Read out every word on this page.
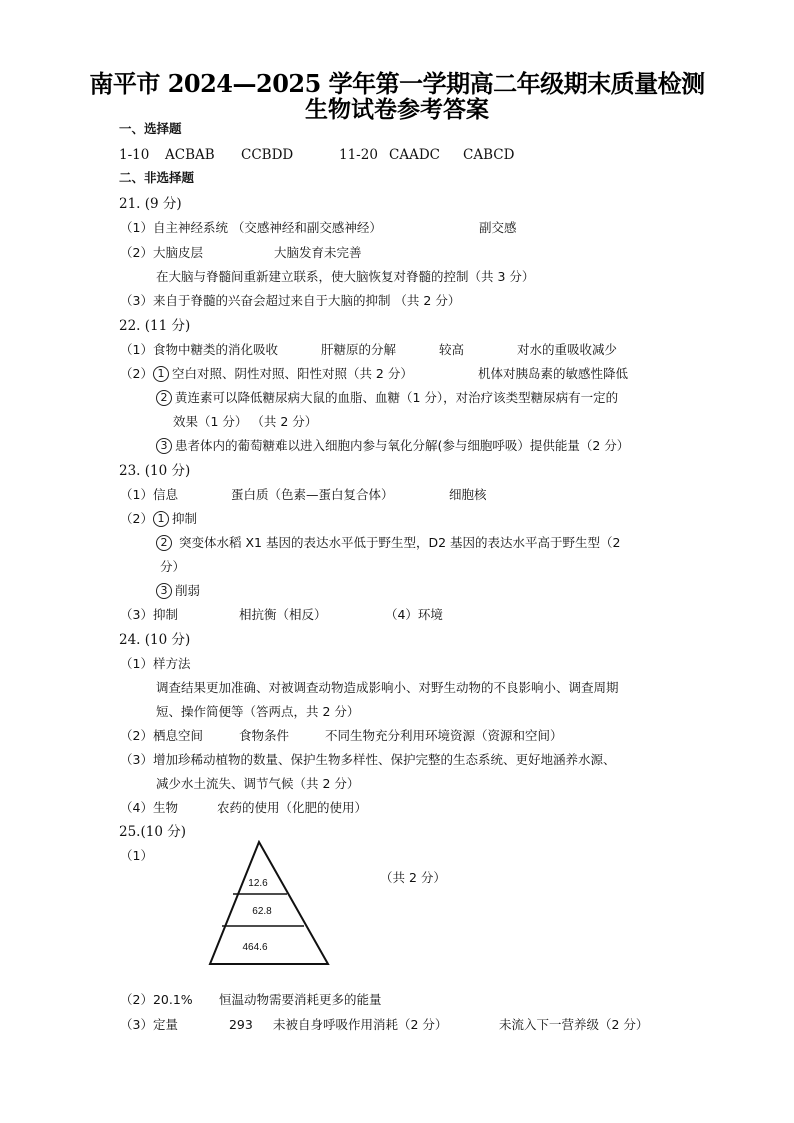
南平市 2024—2025 学年第一学期高二年级期末质量检测
生物试卷参考答案
一、选择题
1-10 ACBAB CCBDD	11-20 CAADC CABCD
二、非选择题
21. (9 分)
（1）自主神经系统 （交感神经和副交感神经）	副交感
（2）大脑皮层	大脑发育未完善
在大脑与脊髓间重新建立联系，使大脑恢复对脊髓的控制（共 3 分）
（3）来自于脊髓的兴奋会超过来自于大脑的抑制 （共 2 分）
22. (11 分)
（1）食物中糖类的消化吸收	肝糖原的分解	较高	对水的重吸收减少
（2） 1 空白对照、阴性对照、阳性对照（共 2 分）	机体对胰岛素的敏感性降低
2 黄连素可以降低糖尿病大鼠的血脂、血糖（1 分），对治疗该类型糖尿病有一定的
效果（1 分） （共 2 分）
3 患者体内的葡萄糖难以进入细胞内参与氧化分解(参与细胞呼吸）提供能量（2 分）
23. (10 分)
（1）信息	蛋白质（色素—蛋白复合体）	细胞核
（2） 1 抑制
2 突变体水稻 X1 基因的表达水平低于野生型，D2 基因的表达水平高于野生型（2
分）
3 削弱
（3）抑制	相抗衡（相反）	（4）环境
24. (10 分)
（1）样方法
调查结果更加准确、对被调查动物造成影响小、对野生动物的不良影响小、调查周期
短、操作简便等（答两点，共 2 分）
（2）栖息空间	食物条件	不同生物充分利用环境资源（资源和空间）
（3）增加珍稀动植物的数量、保护生物多样性、保护完整的生态系统、更好地涵养水源、
减少水土流失、调节气候（共 2 分）
（4）生物	农药的使用（化肥的使用）
25.(10 分)
（1）
12.6
62.8
464.6
（共 2 分）
（2）20.1% 恒温动物需要消耗更多的能量
（3）定量	293 未被自身呼吸作用消耗（2 分）	未流入下一营养级（2 分）
